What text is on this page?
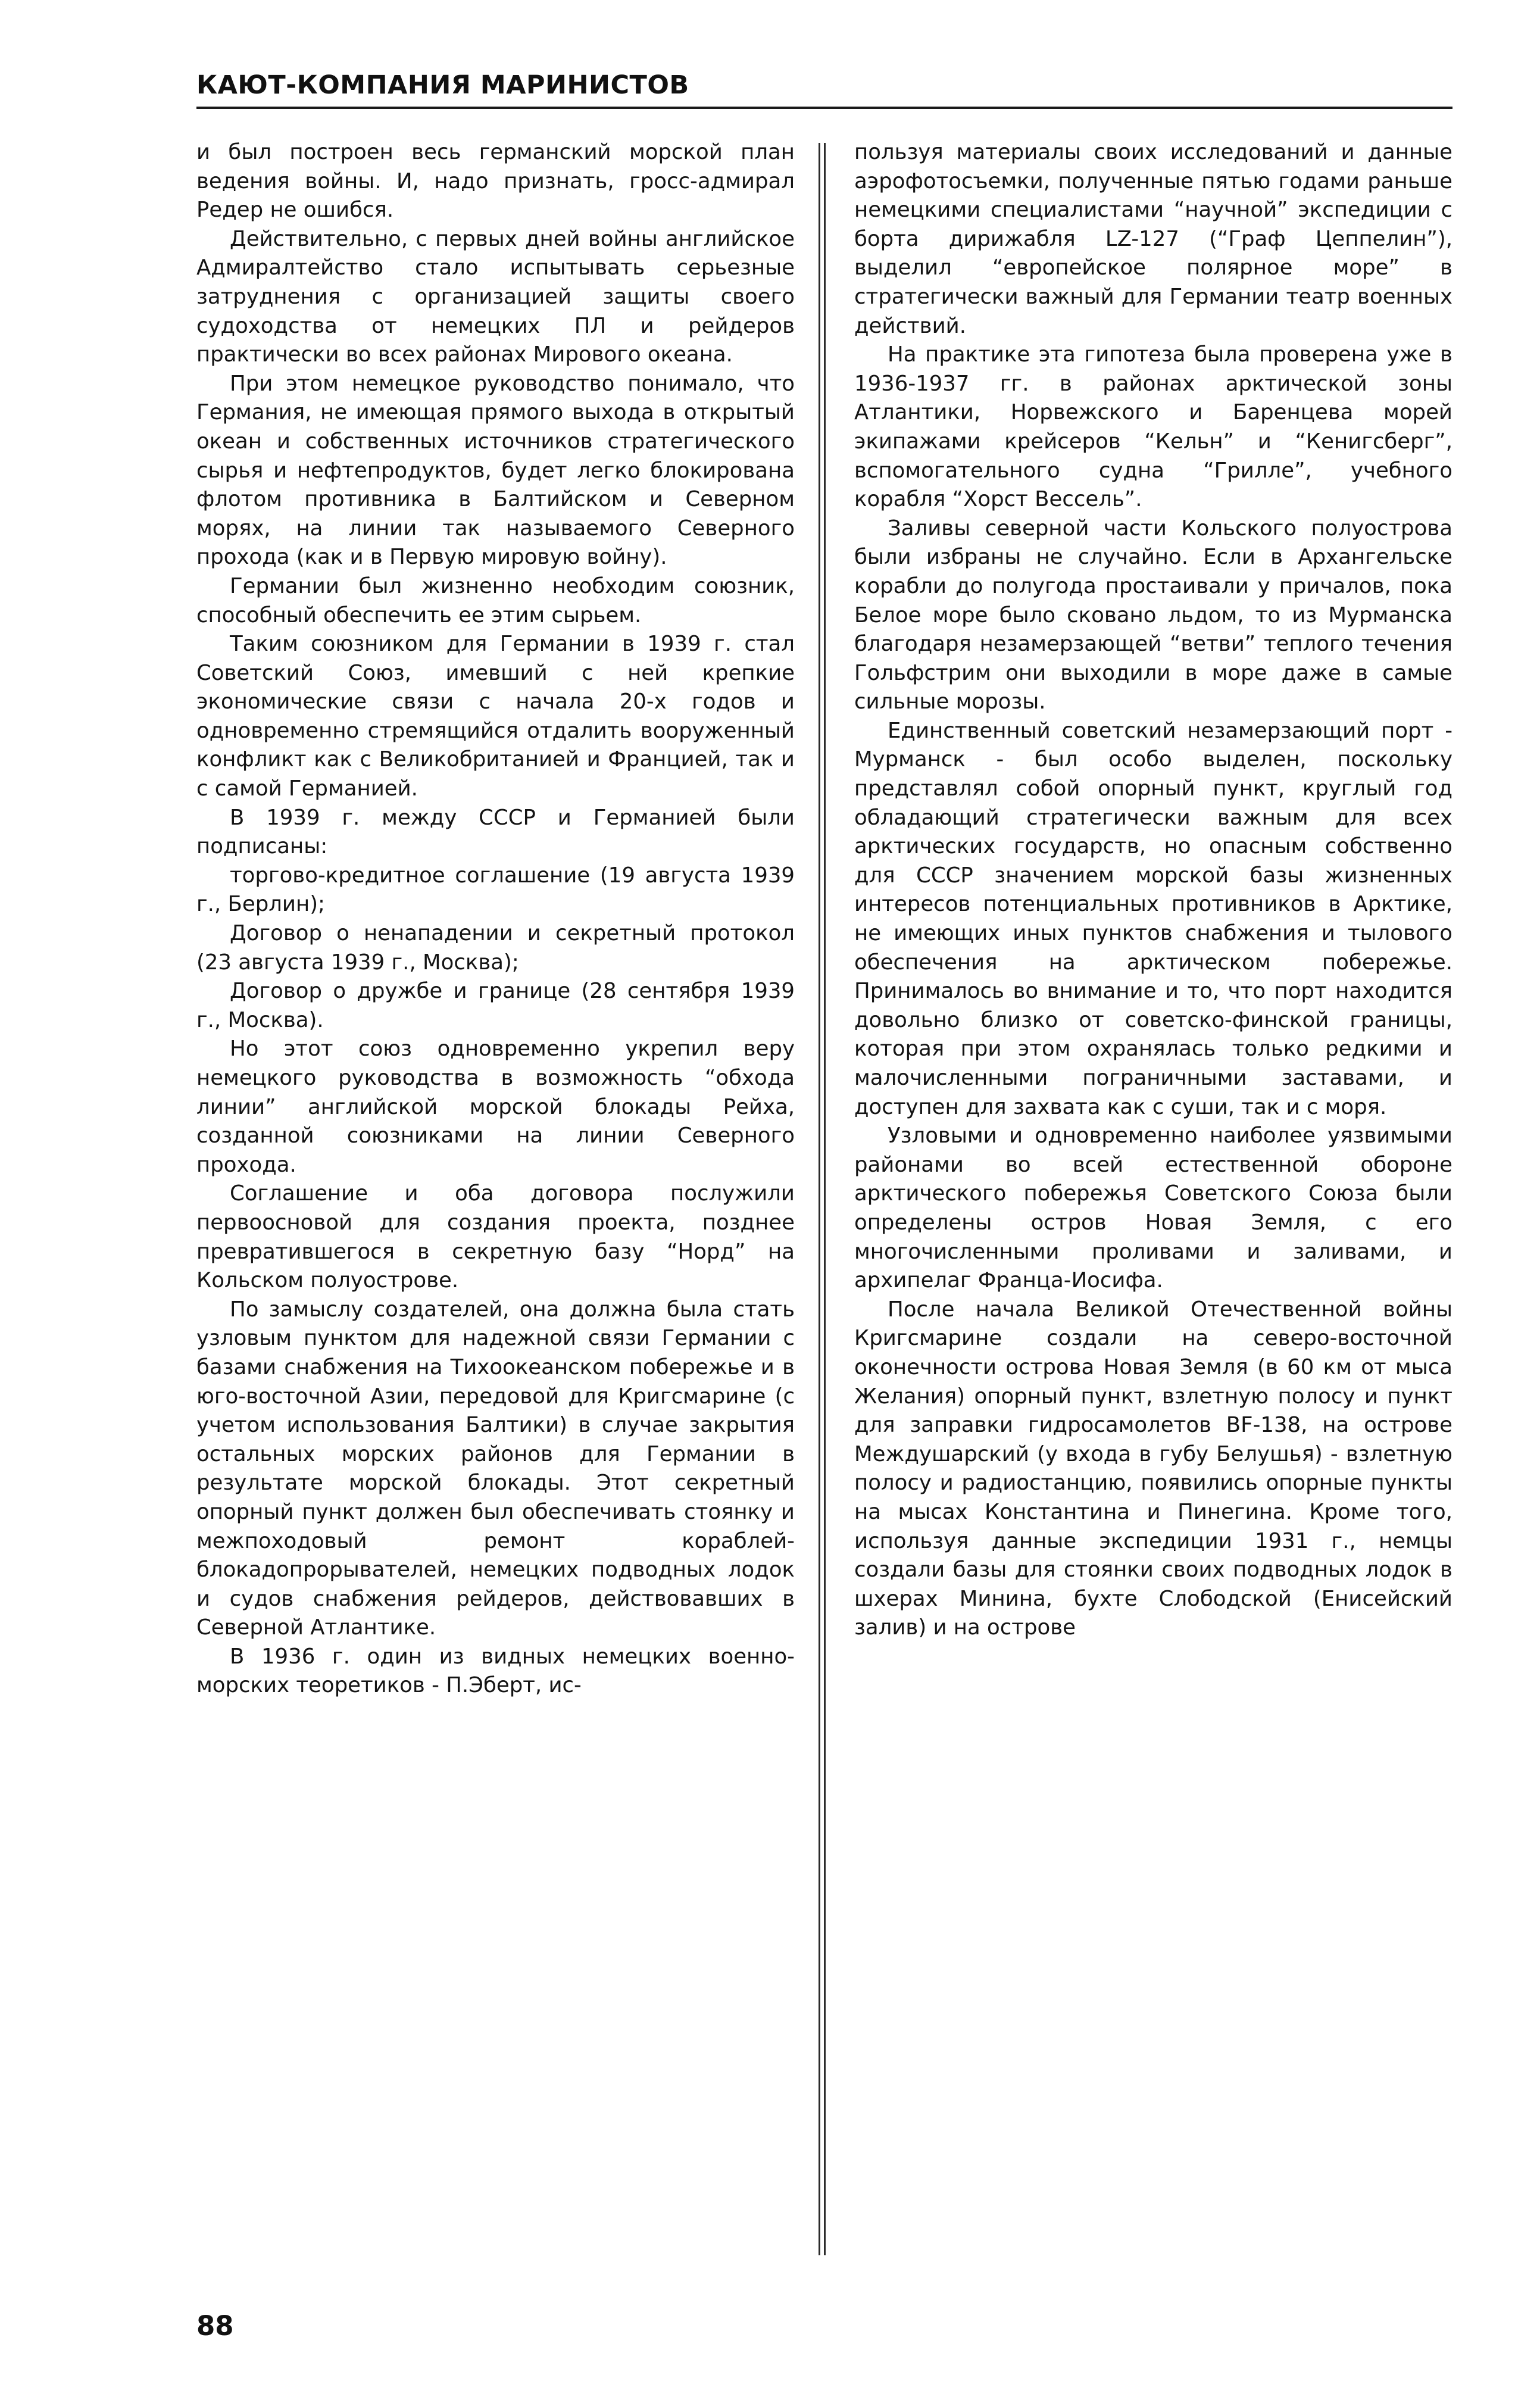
КАЮТ-КОМПАНИЯ МАРИНИСТОВ

и был построен весь германский морской план ведения войны. И, надо признать, гросс-адмирал Редер не ошибся.

Действительно, с первых дней войны английское Адмиралтейство стало испытывать серьезные затруднения с организацией защиты своего судоходства от немецких ПЛ и рейдеров практически во всех районах Мирового океана.

При этом немецкое руководство понимало, что Германия, не имеющая прямого выхода в открытый океан и собственных источников стратегического сырья и нефтепродуктов, будет легко блокирована флотом противника в Балтийском и Северном морях, на линии так называемого Северного прохода (как и в Первую мировую войну).

Германии был жизненно необходим союзник, способный обеспечить ее этим сырьем.

Таким союзником для Германии в 1939 г. стал Советский Союз, имевший с ней крепкие экономические связи с начала 20-х годов и одновременно стремящийся отдалить вооруженный конфликт как с Великобританией и Францией, так и с самой Германией.

В 1939 г. между СССР и Германией были подписаны:

торгово-кредитное соглашение (19 августа 1939 г., Берлин);

Договор о ненападении и секретный протокол (23 августа 1939 г., Москва);

Договор о дружбе и границе (28 сентября 1939 г., Москва).

Но этот союз одновременно укрепил веру немецкого руководства в возможность “обхода линии” английской морской блокады Рейха, созданной союзниками на линии Северного прохода.

Соглашение и оба договора послужили первоосновой для создания проекта, позднее превратившегося в секретную базу “Норд” на Кольском полуострове.

По замыслу создателей, она должна была стать узловым пунктом для надежной связи Германии с базами снабжения на Тихоокеанском побережье и в юго-восточной Азии, передовой для Кригсмарине (с учетом использования Балтики) в случае закрытия остальных морских районов для Германии в результате морской блокады. Этот секретный опорный пункт должен был обеспечивать стоянку и межпоходовый ремонт кораблей-блокадопрорывателей, немецких подводных лодок и судов снабжения рейдеров, действовавших в Северной Атлантике.

В 1936 г. один из видных немецких военно-морских теоретиков - П.Эберт, ис-

пользуя материалы своих исследований и данные аэрофотосъемки, полученные пятью годами раньше немецкими специалистами “научной” экспедиции с борта дирижабля LZ-127 (“Граф Цеппелин”), выделил “европейское полярное море” в стратегически важный для Германии театр военных действий.

На практике эта гипотеза была проверена уже в 1936-1937 гг. в районах арктической зоны Атлантики, Норвежского и Баренцева морей экипажами крейсеров “Кельн” и “Кенигсберг”, вспомогательного судна “Грилле”, учебного корабля “Хорст Вессель”.

Заливы северной части Кольского полуострова были избраны не случайно. Если в Архангельске корабли до полугода простаивали у причалов, пока Белое море было сковано льдом, то из Мурманска благодаря незамерзающей “ветви” теплого течения Гольфстрим они выходили в море даже в самые сильные морозы.

Единственный советский незамерзающий порт - Мурманск - был особо выделен, поскольку представлял собой опорный пункт, круглый год обладающий стратегически важным для всех арктических государств, но опасным собственно для СССР значением морской базы жизненных интересов потенциальных противников в Арктике, не имеющих иных пунктов снабжения и тылового обеспечения на арктическом побережье. Принималось во внимание и то, что порт находится довольно близко от советско-финской границы, которая при этом охранялась только редкими и малочисленными пограничными заставами, и доступен для захвата как с суши, так и с моря.

Узловыми и одновременно наиболее уязвимыми районами во всей естественной обороне арктического побережья Советского Союза были определены остров Новая Земля, с его многочисленными проливами и заливами, и архипелаг Франца-Иосифа.

После начала Великой Отечественной войны Кригсмарине создали на северо-восточной оконечности острова Новая Земля (в 60 км от мыса Желания) опорный пункт, взлетную полосу и пункт для заправки гидросамолетов BF-138, на острове Междушарский (у входа в губу Белушья) - взлетную полосу и радиостанцию, появились опорные пункты на мысах Константина и Пинегина. Кроме того, используя данные экспедиции 1931 г., немцы создали базы для стоянки своих подводных лодок в шхерах Минина, бухте Слободской (Енисейский залив) и на острове

88
